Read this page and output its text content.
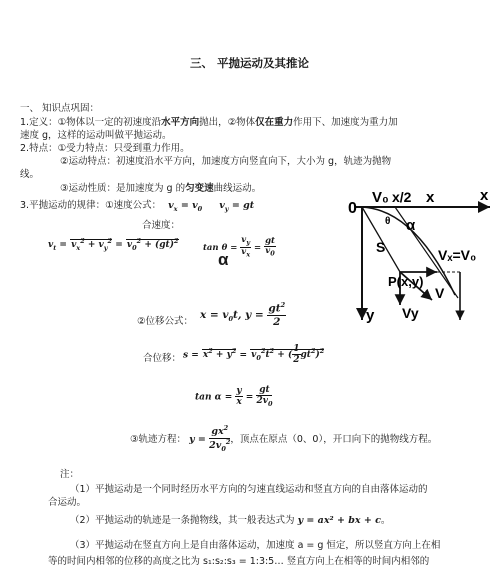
三、 平抛运动及其推论
一、 知识点巩固：
1.定义：①物体以一定的初速度沿水平方向抛出，②物体仅在重力作用下、加速度为重力加
速度 g，这样的运动叫做平抛运动。
2.特点：①受力特点：只受到重力作用。
②运动特点：初速度沿水平方向，加速度方向竖直向下，大小为 g，轨迹为抛物
线。
③运动性质：是加速度为 g 的匀变速曲线运动。
3.平抛运动的规律：①速度公式： $v_x = v_0$ $v_y$ = gt
合速度：
$v_t = v_x^2 + v_y^2 = v_0^2 + (gt)^2$
$\tan \theta = \frac{v_y}{v_x} = \frac{gt}{v_0}$
α
②位移公式：
$x = v_0t$, $y = \frac{gt^2}{2}$
合位移： $s = x^2 + y^2 = v_0^2t^2$ + ( $\frac{1}{2} gt^2)^2$
$\tan \alpha = \frac{y}{x} = \frac{gt}{2v_0}$
③轨迹方程： $y = \frac{gx^2}{2v_0^2}$ ，顶点在原点（0、0），开口向下的抛物线方程。
V₀ x/2 x	x
0
θ α
S	Vₓ=V₀
P(x,y)
V
Vy
y
注：
（1）平抛运动是一个同时经历水平方向的匀速直线运动和竖直方向的自由落体运动的
合运动。
（2）平抛运动的轨迹是一条抛物线，其一般表达式为 y = ax² + bx + c。
（3）平抛运动在竖直方向上是自由落体运动，加速度 a = g 恒定，所以竖直方向上在相
等的时间内相邻的位移的高度之比为 s₁:s₂:s₃ = 1:3:5… 竖直方向上在相等的时间内相邻的
